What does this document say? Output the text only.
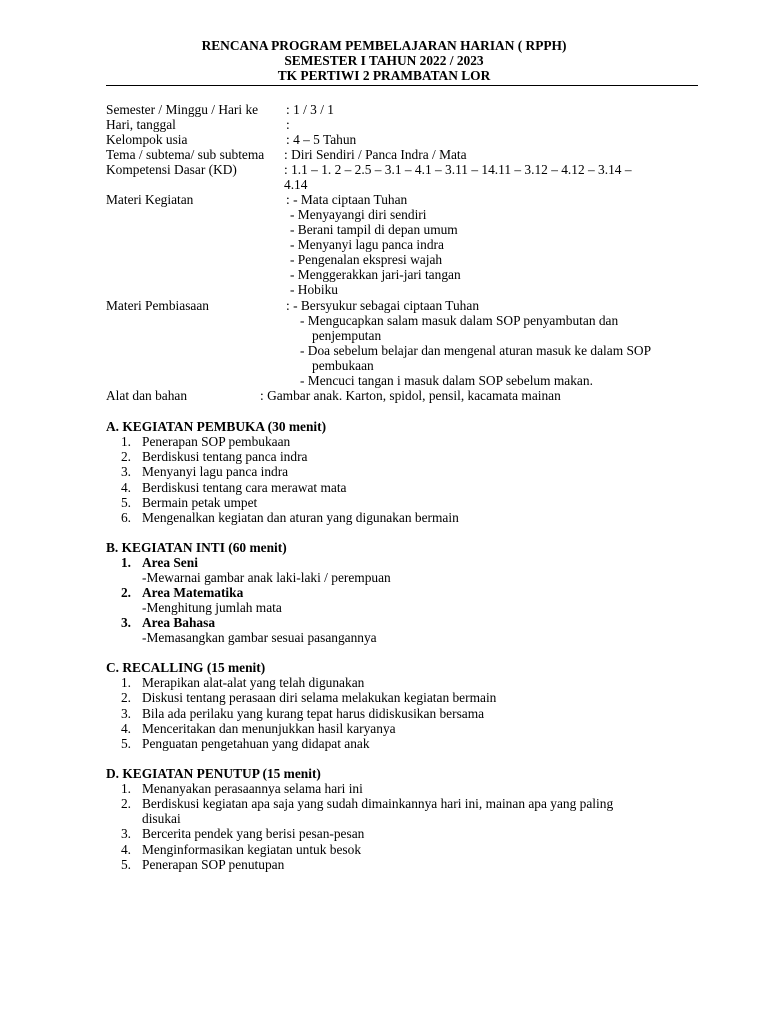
RENCANA PROGRAM PEMBELAJARAN HARIAN ( RPPH)
SEMESTER I TAHUN 2022 / 2023
TK PERTIWI 2 PRAMBATAN LOR
Semester / Minggu / Hari ke : 1 / 3 / 1
Hari, tanggal	:
Kelompok usia	: 4 – 5 Tahun
Tema / subtema/ sub subtema : Diri Sendiri / Panca Indra / Mata
Kompetensi Dasar (KD)	: 1.1 – 1. 2 – 2.5 – 3.1 – 4.1 – 3.11 – 14.11 – 3.12 – 4.12 – 3.14 –
4.14
Materi Kegiatan	: - Mata ciptaan Tuhan
- Menyayangi diri sendiri
- Berani tampil di depan umum
- Menyanyi lagu panca indra
- Pengenalan ekspresi wajah
- Menggerakkan jari-jari tangan
- Hobiku
Materi Pembiasaan	: - Bersyukur sebagai ciptaan Tuhan
- Mengucapkan salam masuk dalam SOP penyambutan dan
penjemputan
- Doa sebelum belajar dan mengenal aturan masuk ke dalam SOP
pembukaan
- Mencuci tangan i masuk dalam SOP sebelum makan.
Alat dan bahan	: Gambar anak. Karton, spidol, pensil, kacamata mainan
A. KEGIATAN PEMBUKA (30 menit)
1. Penerapan SOP pembukaan
2. Berdiskusi tentang panca indra
3. Menyanyi lagu panca indra
4. Berdiskusi tentang cara merawat mata
5. Bermain petak umpet
6. Mengenalkan kegiatan dan aturan yang digunakan bermain
B. KEGIATAN INTI (60 menit)
1. Area Seni
-Mewarnai gambar anak laki-laki / perempuan
2. Area Matematika
-Menghitung jumlah mata
3. Area Bahasa
-Memasangkan gambar sesuai pasangannya
C. RECALLING (15 menit)
1. Merapikan alat-alat yang telah digunakan
2. Diskusi tentang perasaan diri selama melakukan kegiatan bermain
3. Bila ada perilaku yang kurang tepat harus didiskusikan bersama
4. Menceritakan dan menunjukkan hasil karyanya
5. Penguatan pengetahuan yang didapat anak
D. KEGIATAN PENUTUP (15 menit)
1. Menanyakan perasaannya selama hari ini
2. Berdiskusi kegiatan apa saja yang sudah dimainkannya hari ini, mainan apa yang paling
disukai
3. Bercerita pendek yang berisi pesan-pesan
4. Menginformasikan kegiatan untuk besok
5. Penerapan SOP penutupan
